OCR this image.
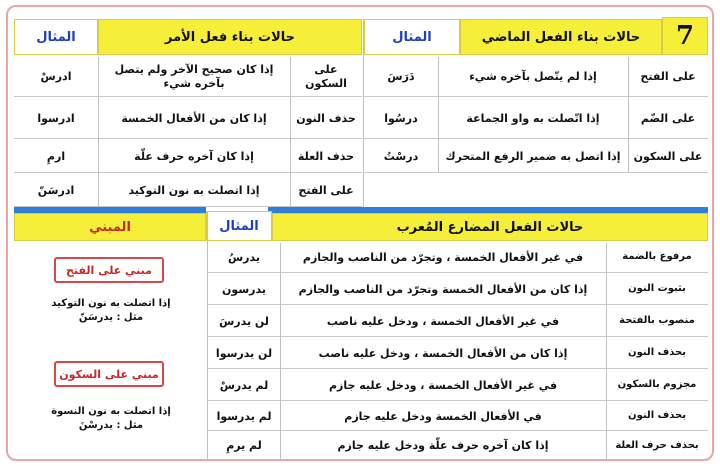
حالات بناء الفعل الماضي	7
المثال
حالات بناء فعل الأمر
المثال
على الفتح
إذا لم يتّصل بآخره شيء
دَرَسَ
على الضّم
إذا اتّصلت به واو الجماعة
درسُوا
على السكون
إذا اتصل به ضمير الرفع المتحرك
درسْتُ
على السكون
إذا كان صحيح الآخر ولم يتصل بآخره شيء
ادرسْ
حذف النون
إذا كان من الأفعال الخمسة
ادرسوا
حذف العلة
إذا كان آخره حرف علّة
ارمِ
على الفتح
إذا اتصلت به نون التوكيد
ادرسَنّ
حالات الفعل المضارع المُعرب
المثال
المبني
مرفوع بالضمة
في غير الأفعال الخمسة ، وتجرّد من الناصب والجازم
يدرسُ
بثبوت النون
إذا كان من الأفعال الخمسة وتجرّد من الناصب والجازم
يدرسون
منصوب بالفتحة
في غير الأفعال الخمسة ، ودخل عليه ناصب
لن يدرسَ
بحذف النون
إذا كان من الأفعال الخمسة ، ودخل عليه ناصب
لن يدرسوا
مجزوم بالسكون
في غير الأفعال الخمسة ، ودخل عليه جازم
لم يدرسْ
بحذف النون
في الأفعال الخمسة ودخل عليه جازم
لم يدرسوا
بحذف حرف العلة
إذا كان آخره حرف علّة ودخل عليه جازم
لم يرمِ
مبني على الفتح
إذا اتصلت به نون التوكيد
مثل : يدرسَنّ
مبني على السكون
إذا اتصلت به نون النسوة
مثل : يدرسْنَ
